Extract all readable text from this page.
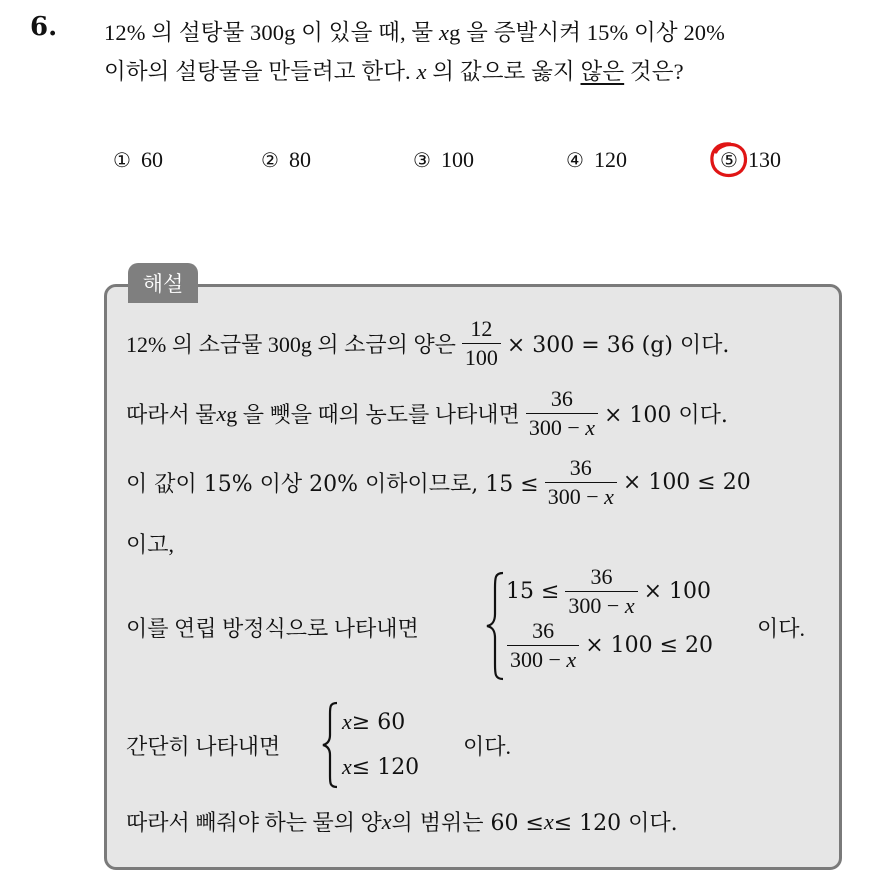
6. 12% 의 설탕물 300g 이 있을 때, 물 xg 을 증발시켜 15% 이상 20%
이하의 설탕물을 만들려고 한다. x 의 값으로 옳지 않은 것은?
① 60	② 80	③ 100	④ 120	⑤ 130
해설
12% 의 소금물 300g 의 소금의 양은 $\frac{12}{100} \times 300 = 36$ (g) 이다.
따라서 물 x g 을 뺏을 때의 농도를 나타내면 $\frac{36}{300 - x} \times 100$ 이다.
이 값이 15% 이상 20% 이하이므로, $15 \le \frac{36}{300 - x} \times 100 \le 20$
이고,
이를 연립 방정식으로 나타내면
$15 \le \frac{36}{300 - x} \times 100$
$\frac{36}{300 - x} \times 100 \le 20$
이다.
간단히 나타내면
x ≥ 60
x ≤ 120
이다.
따라서 빼줘야 하는 물의 양 x 의 범위는 60 ≤ x ≤ 120 이다.
